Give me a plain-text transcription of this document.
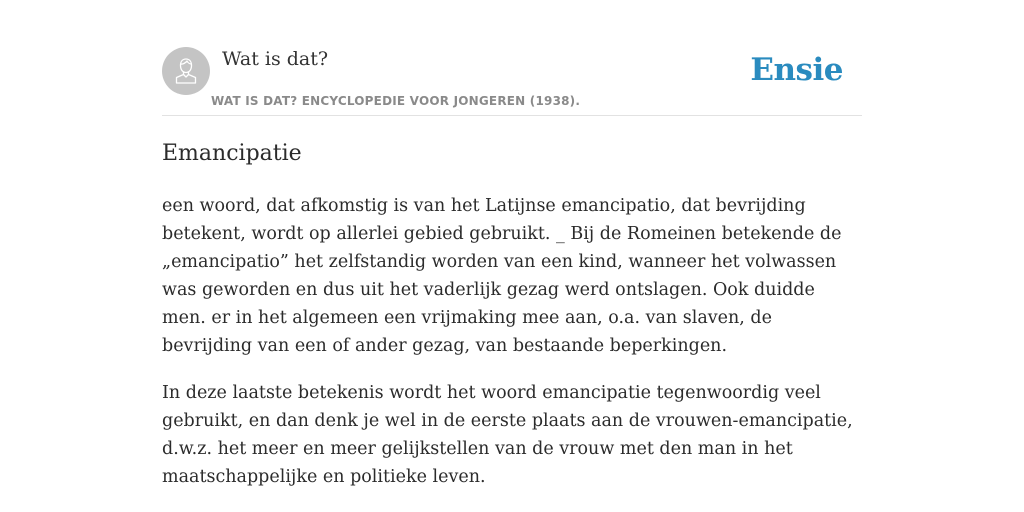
Wat is dat?
WAT IS DAT? ENCYCLOPEDIE VOOR JONGEREN (1938).
Ensie
Emancipatie

een woord, dat afkomstig is van het Latijnse emancipatio, dat bevrijding betekent, wordt op allerlei gebied gebruikt. _ Bij de Romeinen betekende de „emancipatio” het zelfstandig worden van een kind, wanneer het volwassen was geworden en dus uit het vaderlijk gezag werd ontslagen. Ook duidde men. er in het algemeen een vrijmaking mee aan, o.a. van slaven, de bevrijding van een of ander gezag, van bestaande beperkingen.

In deze laatste betekenis wordt het woord emancipatie tegenwoordig veel gebruikt, en dan denk je wel in de eerste plaats aan de vrouwen-emancipatie, d.w.z. het meer en meer gelijkstellen van de vrouw met den man in het maatschappelijke en politieke leven.
